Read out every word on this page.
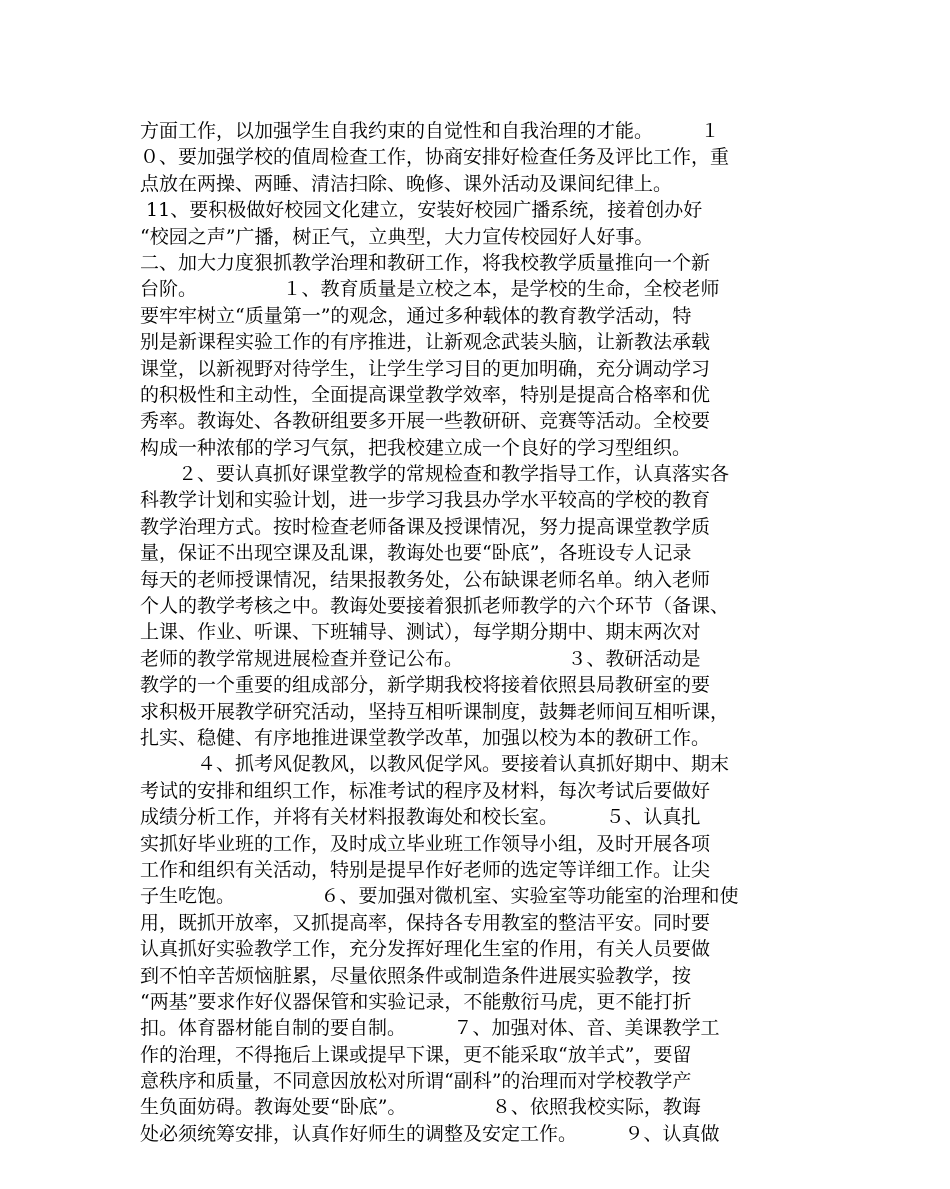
方面工作，以加强学生自我约束的自觉性和自我治理的才能。　　　１
０、要加强学校的值周检查工作，协商安排好检查任务及评比工作，重
点放在两操、两睡、清洁扫除、晚修、课外活动及课间纪律上。
11、要积极做好校园文化建立，安装好校园广播系统，接着创办好
“校园之声”广播，树正气，立典型，大力宣传校园好人好事。
二、加大力度狠抓教学治理和教研工作，将我校教学质量推向一个新
台阶。　　　　　１、教育质量是立校之本，是学校的生命，全校老师
要牢牢树立“质量第一”的观念，通过多种载体的教育教学活动，特
别是新课程实验工作的有序推进，让新观念武装头脑，让新教法承载
课堂，以新视野对待学生，让学生学习目的更加明确，充分调动学习
的积极性和主动性，全面提高课堂教学效率，特别是提高合格率和优
秀率。教诲处、各教研组要多开展一些教研研、竞赛等活动。全校要
构成一种浓郁的学习气氛，把我校建立成一个良好的学习型组织。
　　２、要认真抓好课堂教学的常规检查和教学指导工作，认真落实各
科教学计划和实验计划，进一步学习我县办学水平较高的学校的教育
教学治理方式。按时检查老师备课及授课情况，努力提高课堂教学质
量，保证不出现空课及乱课，教诲处也要“卧底”，各班设专人记录
每天的老师授课情况，结果报教务处，公布缺课老师名单。纳入老师
个人的教学考核之中。教诲处要接着狠抓老师教学的六个环节（备课、
上课、作业、听课、下班辅导、测试），每学期分期中、期末两次对
老师的教学常规进展检查并登记公布。　　　　　　３、教研活动是
教学的一个重要的组成部分，新学期我校将接着依照县局教研室的要
求积极开展教学研究活动，坚持互相听课制度，鼓舞老师间互相听课，
扎实、稳健、有序地推进课堂教学改革，加强以校为本的教研工作。
　　　４、抓考风促教风，以教风促学风。要接着认真抓好期中、期末
考试的安排和组织工作，标准考试的程序及材料，每次考试后要做好
成绩分析工作，并将有关材料报教诲处和校长室。　　　５、认真扎
实抓好毕业班的工作，及时成立毕业班工作领导小组，及时开展各项
工作和组织有关活动，特别是提早作好老师的选定等详细工作。让尖
子生吃饱。　　　　　６、要加强对微机室、实验室等功能室的治理和使
用，既抓开放率，又抓提高率，保持各专用教室的整洁平安。同时要
认真抓好实验教学工作，充分发挥好理化生室的作用，有关人员要做
到不怕辛苦烦恼脏累，尽量依照条件或制造条件进展实验教学，按
“两基”要求作好仪器保管和实验记录，不能敷衍马虎，更不能打折
扣。体育器材能自制的要自制。　　　７、加强对体、音、美课教学工
作的治理，不得拖后上课或提早下课，更不能采取“放羊式”，要留
意秩序和质量，不同意因放松对所谓“副科”的治理而对学校教学产
生负面妨碍。教诲处要“卧底”。　　　　　８、依照我校实际，教诲
处必须统筹安排，认真作好师生的调整及安定工作。　　　９、认真做
